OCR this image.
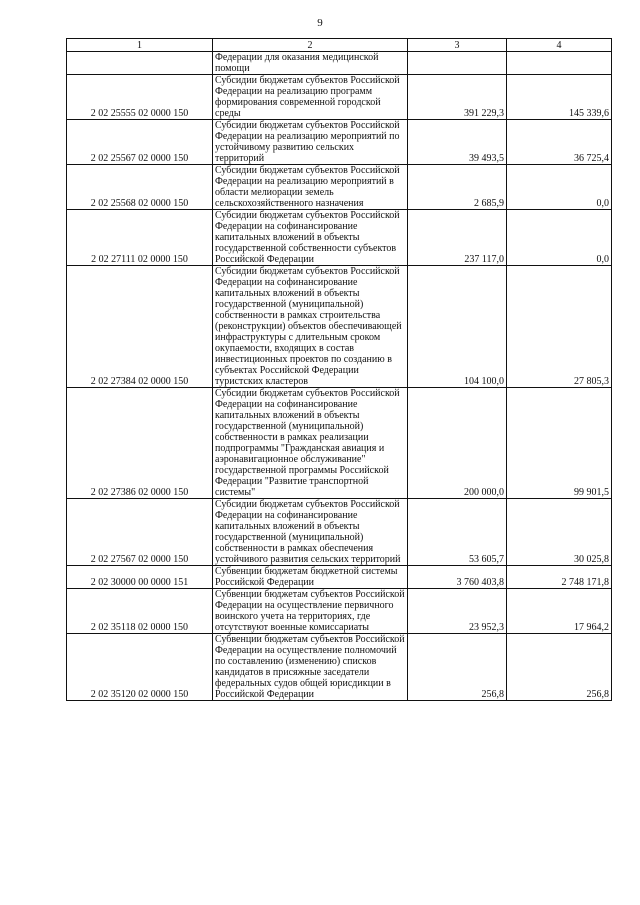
9
1	2	3	4
	Федерации для оказания медицинской помощи		
2 02 25555 02 0000 150	Субсидии бюджетам субъектов Российской Федерации на реализацию программ формирования современной городской среды	391 229,3	145 339,6
2 02 25567 02 0000 150	Субсидии бюджетам субъектов Российской Федерации на реализацию мероприятий по устойчивому развитию сельских территорий	39 493,5	36 725,4
2 02 25568 02 0000 150	Субсидии бюджетам субъектов Российской Федерации на реализацию мероприятий в области мелиорации земель сельскохозяйственного назначения	2 685,9	0,0
2 02 27111 02 0000 150	Субсидии бюджетам субъектов Российской Федерации на софинансирование капитальных вложений в объекты государственной собственности субъектов Российской Федерации	237 117,0	0,0
2 02 27384 02 0000 150	Субсидии бюджетам субъектов Российской Федерации на софинансирование капитальных вложений в объекты государственной (муниципальной) собственности в рамках строительства (реконструкции) объектов обеспечивающей инфраструктуры с длительным сроком окупаемости, входящих в состав инвестиционных проектов по созданию в субъектах Российской Федерации туристских кластеров	104 100,0	27 805,3
2 02 27386 02 0000 150	Субсидии бюджетам субъектов Российской Федерации на софинансирование капитальных вложений в объекты государственной (муниципальной) собственности в рамках реализации подпрограммы "Гражданская авиация и аэронавигационное обслуживание" государственной программы Российской Федерации "Развитие транспортной системы"	200 000,0	99 901,5
2 02 27567 02 0000 150	Субсидии бюджетам субъектов Российской Федерации на софинансирование капитальных вложений в объекты государственной (муниципальной) собственности в рамках обеспечения устойчивого развития сельских территорий	53 605,7	30 025,8
2 02 30000 00 0000 151	Субвенции бюджетам бюджетной системы Российской Федерации	3 760 403,8	2 748 171,8
2 02 35118 02 0000 150	Субвенции бюджетам субъектов Российской Федерации на осуществление первичного воинского учета на территориях, где отсутствуют военные комиссариаты	23 952,3	17 964,2
2 02 35120 02 0000 150	Субвенции бюджетам субъектов Российской Федерации на осуществление полномочий по составлению (изменению) списков кандидатов в присяжные заседатели федеральных судов общей юрисдикции в Российской Федерации	256,8	256,8
